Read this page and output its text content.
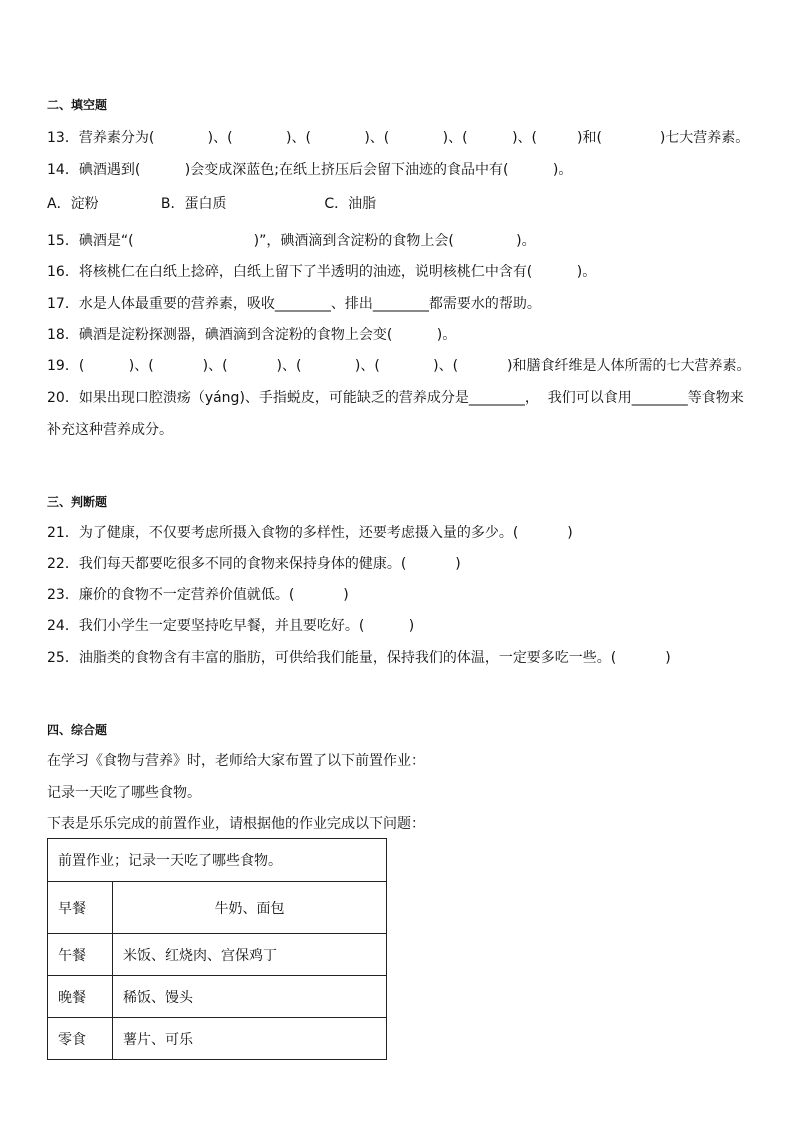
二、填空题
13．营养素分为(            )、(            )、(            )、(            )、(          )、(         )和(             )七大营养素。
14．碘酒遇到(          )会变成深蓝色;在纸上挤压后会留下油迹的食品中有(          )。
A．淀粉              B．蛋白质                      C．油脂
15．碘酒是“(                           )”，碘酒滴到含淀粉的食物上会(              )。
16．将核桃仁在白纸上捻碎，白纸上留下了半透明的油迹，说明核桃仁中含有(          )。
17．水是人体最重要的营养素，吸收________、排出________都需要水的帮助。
18．碘酒是淀粉探测器，碘酒滴到含淀粉的食物上会变(          )。
19．(          )、(           )、(           )、(            )、(            )、(           )和膳食纤维是人体所需的七大营养素。
20．如果出现口腔溃疡（yáng)、手指蜕皮，可能缺乏的营养成分是________，  我们可以食用________等食物来
补充这种营养成分。
三、判断题
21．为了健康，不仅要考虑所摄入食物的多样性，还要考虑摄入量的多少。(           )
22．我们每天都要吃很多不同的食物来保持身体的健康。(           )
23．廉价的食物不一定营养价值就低。(           )
24．我们小学生一定要坚持吃早餐，并且要吃好。(          )
25．油脂类的食物含有丰富的脂肪，可供给我们能量，保持我们的体温，一定要多吃一些。(           )
四、综合题
在学习《食物与营养》时，老师给大家布置了以下前置作业：
记录一天吃了哪些食物。
下表是乐乐完成的前置作业，请根据他的作业完成以下问题：
前置作业；记录一天吃了哪些食物。	
早餐	牛奶、面包
午餐	米饭、红烧肉、宫保鸡丁
晚餐	稀饭、馒头
零食	薯片、可乐
